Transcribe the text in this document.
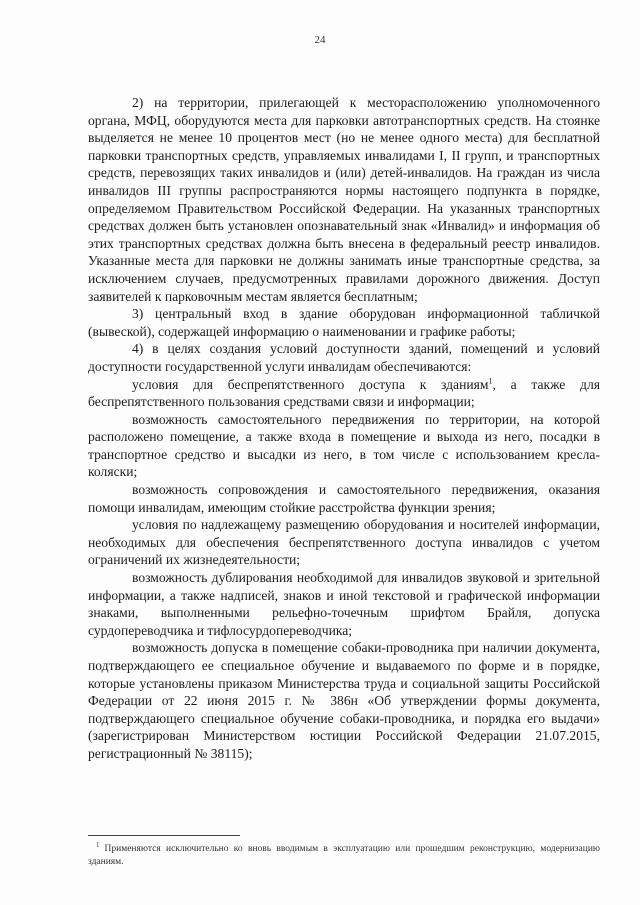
24

2) на территории, прилегающей к месторасположению уполномоченного органа, МФЦ, оборудуются места для парковки автотранспортных средств. На стоянке выделяется не менее 10 процентов мест (но не менее одного места) для бесплатной парковки транспортных средств, управляемых инвалидами I, II групп, и транспортных средств, перевозящих таких инвалидов и (или) детей-инвалидов. На граждан из числа инвалидов III группы распространяются нормы настоящего подпункта в порядке, определяемом Правительством Российской Федерации. На указанных транспортных средствах должен быть установлен опознавательный знак «Инвалид» и информация об этих транспортных средствах должна быть внесена в федеральный реестр инвалидов. Указанные места для парковки не должны занимать иные транспортные средства, за исключением случаев, предусмотренных правилами дорожного движения. Доступ заявителей к парковочным местам является бесплатным;

3) центральный вход в здание оборудован информационной табличкой (вывеской), содержащей информацию о наименовании и графике работы;

4) в целях создания условий доступности зданий, помещений и условий доступности государственной услуги инвалидам обеспечиваются:

условия для беспрепятственного доступа к зданиям$^1$, а также для беспрепятственного пользования средствами связи и информации;

возможность самостоятельного передвижения по территории, на которой расположено помещение, а также входа в помещение и выхода из него, посадки в транспортное средство и высадки из него, в том числе с использованием кресла- коляски;

возможность сопровождения и самостоятельного передвижения, оказания помощи инвалидам, имеющим стойкие расстройства функции зрения;

условия по надлежащему размещению оборудования и носителей информации, необходимых для обеспечения беспрепятственного доступа инвалидов с учетом ограничений их жизнедеятельности;

возможность дублирования необходимой для инвалидов звуковой и зрительной информации, а также надписей, знаков и иной текстовой и графической информации знаками, выполненными рельефно-точечным шрифтом Брайля, допуска сурдопереводчика и тифлосурдопереводчика;

возможность допуска в помещение собаки-проводника при наличии документа, подтверждающего ее специальное обучение и выдаваемого по форме и в порядке, которые установлены приказом Министерства труда и социальной защиты Российской Федерации от 22 июня 2015 г. № 386н «Об утверждении формы документа, подтверждающего специальное обучение собаки-проводника, и порядка его выдачи» (зарегистрирован Министерством юстиции Российской Федерации 21.07.2015, регистрационный № 38115);

$^1$ Применяются исключительно ко вновь вводимым в эксплуатацию или прошедшим реконструкцию, модернизацию зданиям.
